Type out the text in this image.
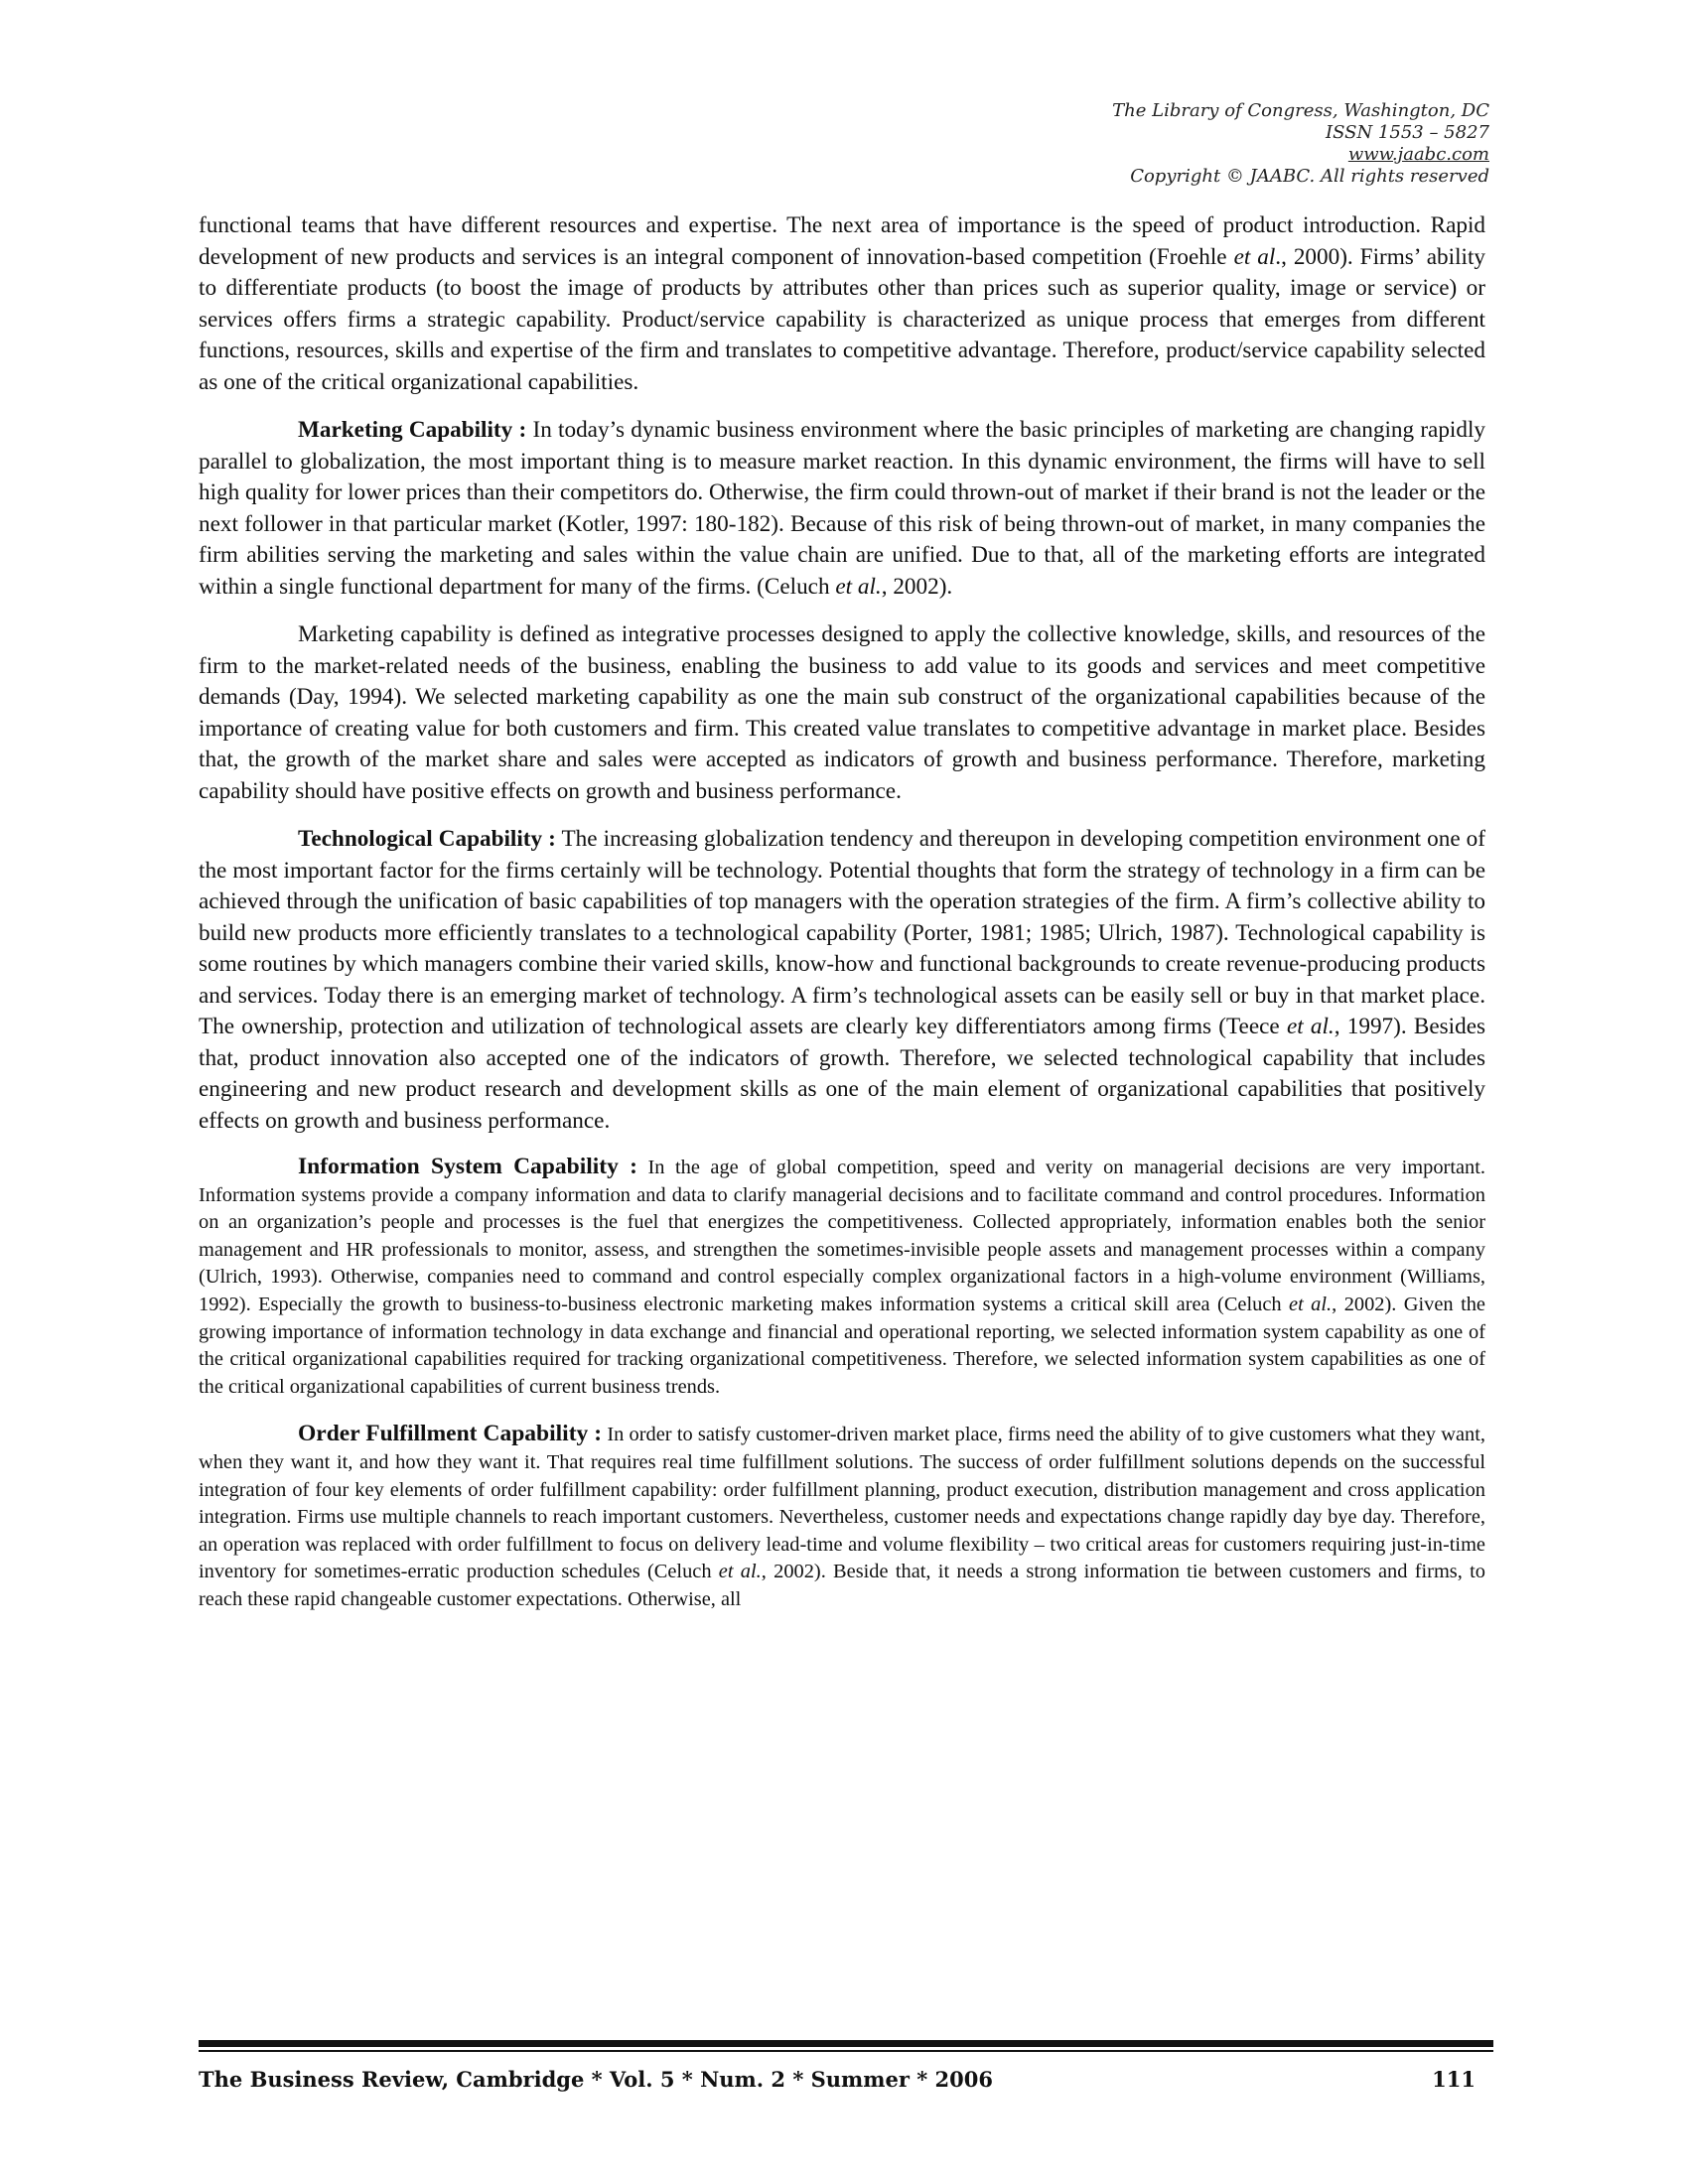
The Library of Congress, Washington, DC
ISSN 1553 – 5827
www.jaabc.com
Copyright © JAABC. All rights reserved

functional teams that have different resources and expertise. The next area of importance is the speed of product introduction. Rapid development of new products and services is an integral component of innovation-based competition (Froehle et al., 2000). Firms’ ability to differentiate products (to boost the image of products by attributes other than prices such as superior quality, image or service) or services offers firms a strategic capability. Product/service capability is characterized as unique process that emerges from different functions, resources, skills and expertise of the firm and translates to competitive advantage. Therefore, product/service capability selected as one of the critical organizational capabilities.

Marketing Capability : In today’s dynamic business environment where the basic principles of marketing are changing rapidly parallel to globalization, the most important thing is to measure market reaction. In this dynamic environment, the firms will have to sell high quality for lower prices than their competitors do. Otherwise, the firm could thrown-out of market if their brand is not the leader or the next follower in that particular market (Kotler, 1997: 180-182). Because of this risk of being thrown-out of market, in many companies the firm abilities serving the marketing and sales within the value chain are unified. Due to that, all of the marketing efforts are integrated within a single functional department for many of the firms. (Celuch et al., 2002).

Marketing capability is defined as integrative processes designed to apply the collective knowledge, skills, and resources of the firm to the market-related needs of the business, enabling the business to add value to its goods and services and meet competitive demands (Day, 1994). We selected marketing capability as one the main sub construct of the organizational capabilities because of the importance of creating value for both customers and firm. This created value translates to competitive advantage in market place. Besides that, the growth of the market share and sales were accepted as indicators of growth and business performance. Therefore, marketing capability should have positive effects on growth and business performance.

Technological Capability : The increasing globalization tendency and thereupon in developing competition environment one of the most important factor for the firms certainly will be technology. Potential thoughts that form the strategy of technology in a firm can be achieved through the unification of basic capabilities of top managers with the operation strategies of the firm. A firm’s collective ability to build new products more efficiently translates to a technological capability (Porter, 1981; 1985; Ulrich, 1987). Technological capability is some routines by which managers combine their varied skills, know-how and functional backgrounds to create revenue-producing products and services. Today there is an emerging market of technology. A firm’s technological assets can be easily sell or buy in that market place. The ownership, protection and utilization of technological assets are clearly key differentiators among firms (Teece et al., 1997). Besides that, product innovation also accepted one of the indicators of growth. Therefore, we selected technological capability that includes engineering and new product research and development skills as one of the main element of organizational capabilities that positively effects on growth and business performance.

Information System Capability : In the age of global competition, speed and verity on managerial decisions are very important. Information systems provide a company information and data to clarify managerial decisions and to facilitate command and control procedures. Information on an organization’s people and processes is the fuel that energizes the competitiveness. Collected appropriately, information enables both the senior management and HR professionals to monitor, assess, and strengthen the sometimes-invisible people assets and management processes within a company (Ulrich, 1993). Otherwise, companies need to command and control especially complex organizational factors in a high-volume environment (Williams, 1992). Especially the growth to business-to-business electronic marketing makes information systems a critical skill area (Celuch et al., 2002). Given the growing importance of information technology in data exchange and financial and operational reporting, we selected information system capability as one of the critical organizational capabilities required for tracking organizational competitiveness. Therefore, we selected information system capabilities as one of the critical organizational capabilities of current business trends.

Order Fulfillment Capability : In order to satisfy customer-driven market place, firms need the ability of to give customers what they want, when they want it, and how they want it. That requires real time fulfillment solutions. The success of order fulfillment solutions depends on the successful integration of four key elements of order fulfillment capability: order fulfillment planning, product execution, distribution management and cross application integration. Firms use multiple channels to reach important customers. Nevertheless, customer needs and expectations change rapidly day bye day. Therefore, an operation was replaced with order fulfillment to focus on delivery lead-time and volume flexibility – two critical areas for customers requiring just-in-time inventory for sometimes-erratic production schedules (Celuch et al., 2002). Beside that, it needs a strong information tie between customers and firms, to reach these rapid changeable customer expectations. Otherwise, all

The Business Review, Cambridge * Vol. 5 * Num. 2 * Summer * 2006	111
